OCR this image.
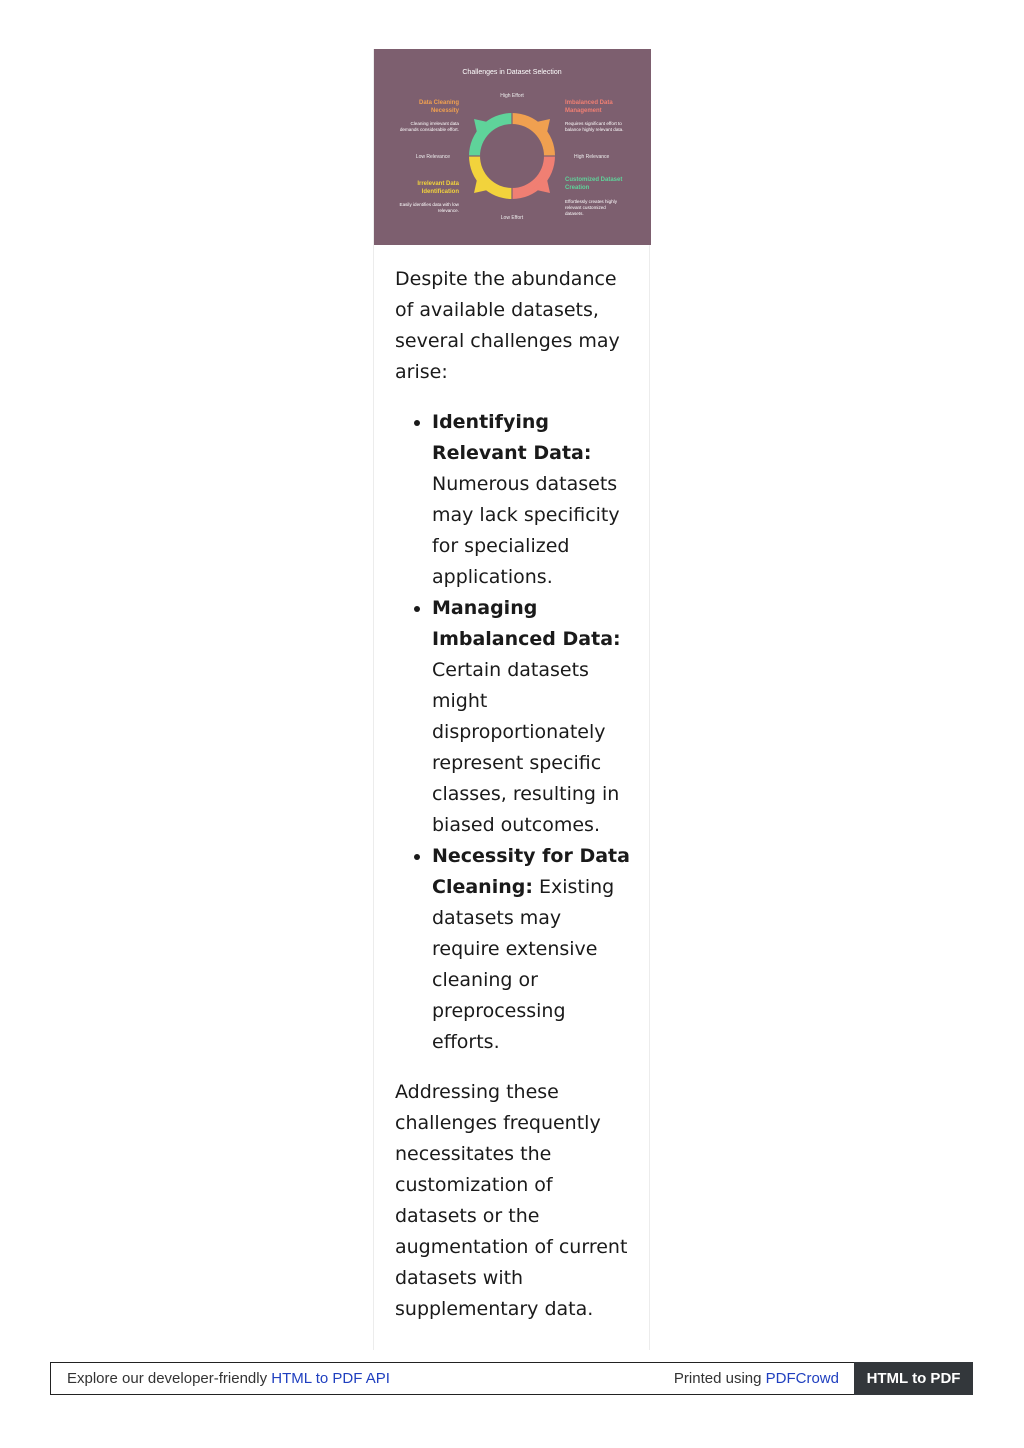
Challenges in Dataset Selection
High Effort
Low Effort
Low Relevance	High Relevance
Data Cleaning
Necessity
Cleaning irrelevant data
demands considerable effort.
Imbalanced Data
Management
Requires significant effort to
balance highly relevant data.
Irrelevant Data
Identification
Easily identifies data with low
relevance.
Customized Dataset
Creation
Effortlessly creates highly
relevant customized
datasets.

Despite the abundance of available datasets, several challenges may arise:

• Identifying Relevant Data: Numerous datasets may lack specificity for specialized applications.
• Managing Imbalanced Data: Certain datasets might disproportionately represent specific classes, resulting in biased outcomes.
• Necessity for Data Cleaning: Existing datasets may require extensive cleaning or preprocessing efforts.

Addressing these challenges frequently necessitates the customization of datasets or the augmentation of current datasets with supplementary data.

Explore our developer-friendly HTML to PDF API	Printed using PDFCrowd	HTML to PDF
